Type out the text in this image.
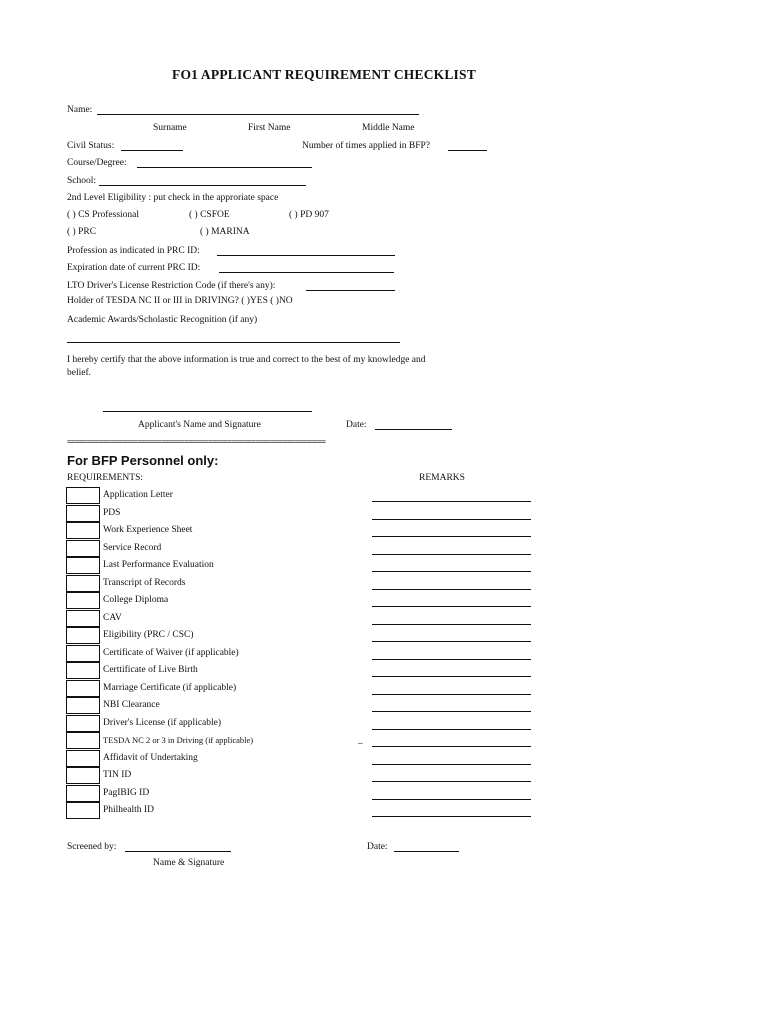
FO1 APPLICANT REQUIREMENT CHECKLIST
Name:
Surname	First Name	Middle Name
Civil Status:	Number of times applied in BFP?
Course/Degree:
School:
2nd Level Eligibility : put check in the approriate space
( ) CS Professional	( ) CSFOE	( ) PD 907
( ) PRC	( ) MARINA
Profession as indicated in PRC ID:
Expiration date of current PRC ID:
LTO Driver's License Restriction Code (if there's any):
Holder of TESDA NC II or III in DRIVING? ( )YES ( )NO
Academic Awards/Scholastic Recognition (if any)
I hereby certify that the above information is true and correct to the best of my knowledge and
belief.
Applicant's Name and Signature	Date:
==================================================================
For BFP Personnel only:
REQUIREMENTS:	REMARKS
Application Letter
PDS
Work Experience Sheet
Service Record
Last Performance Evaluation
Transcript of Records
College Diploma
CAV
Eligibility (PRC / CSC)
Certificate of Waiver (if applicable)
Certtificate of Live Birth
Marriage Certificate (if applicable)
NBI Clearance
Driver's License (if applicable)
TESDA NC 2 or 3 in Driving (if applicable)
Affidavit of Undertaking
TIN ID
PagIBIG ID
Philhealth ID
_
Screened by:	Date:
Name & Signature
